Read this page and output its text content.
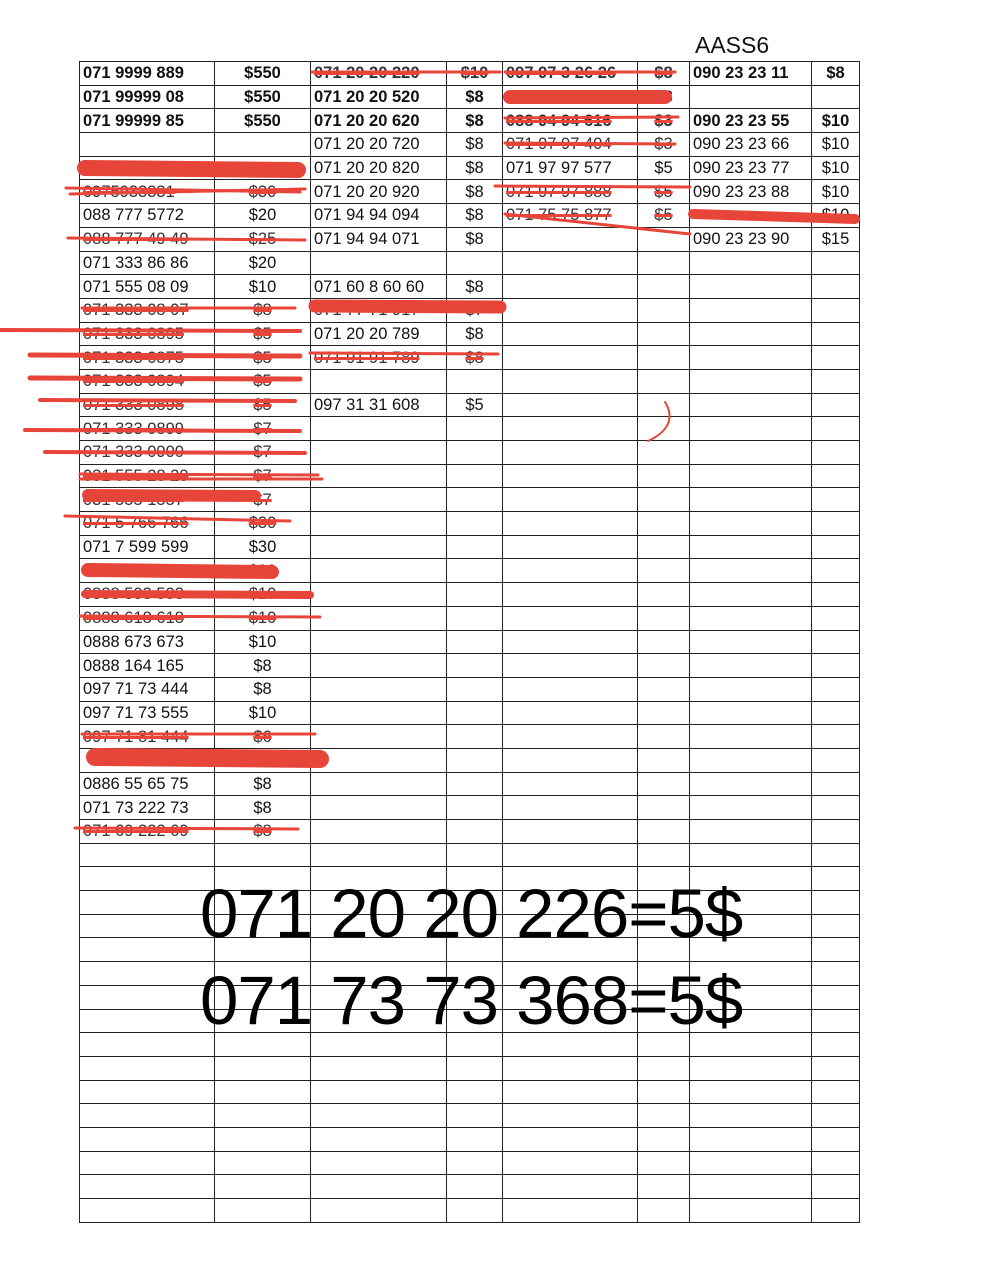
AASS6
071 9999 889	$550	071 20 20 220	$10	097 97 3 26 26	$8	090 23 23 11	$8
071 99999 08	$550	071 20 20 520	$8		$8		
071 99999 85	$550	071 20 20 620	$8	088 94 94 616	$3	090 23 23 55	$10
		071 20 20 720	$8	071 97 97 404	$3	090 23 23 66	$10
		071 20 20 820	$8	071 97 97 577	$5	090 23 23 77	$10
0975933331	$30	071 20 20 920	$8	071 97 97 888	$5	090 23 23 88	$10
088 777 5772	$20	071 94 94 094	$8	071 75 75 877	$5		$10
088 777 49 49	$25	071 94 94 071	$8			090 23 23 90	$15
071 333 86 86	$20						
071 555 08 09	$10	071 60 8 60 60	$8				
071 333 08 07	$8	071 77 71 917	$7				
071 333 0895	$5	071 20 20 789	$8				
071 333 0875	$5	071 91 91 789	$8				
071 333 0894	$5						
071 333 0898	$5	097 31 31 608	$5				
071 333 0899	$7						
071 333 0900	$7						
031 555 28 29	$7						
031 555 1557	$7						
071 5 766 766	$30						
071 7 599 599	$30						
	$20						
0888 593 593	$10						
0888 618 618	$10						
0888 673 673	$10						
0888 164 165	$8						
097 71 73 444	$8						
097 71 73 555	$10						
097 71 81 444	$6						

0886 55 65 75	$8						
071 73 222 73	$8						
071 69 222 69	$8						

071 20 20 226=5$
071 73 73 368=5$
